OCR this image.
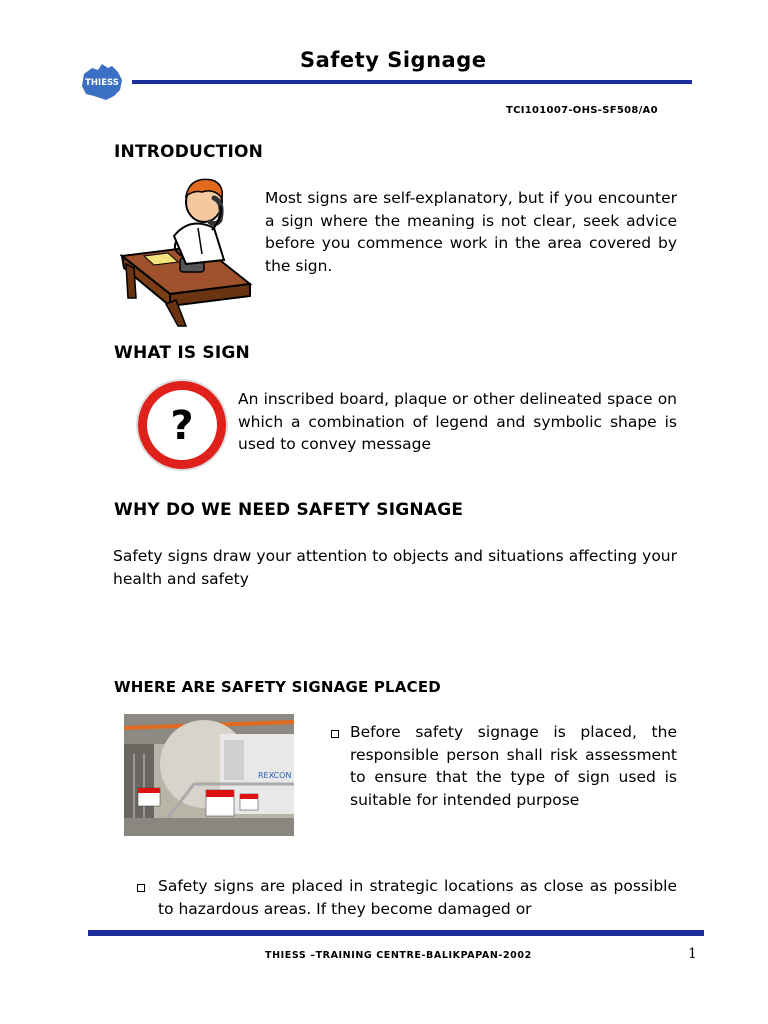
THIESS
Safety Signage
TCI101007-OHS-SF508/A0
INTRODUCTION
Most signs are self-explanatory, but if you encounter a sign where the meaning is not clear, seek advice before you commence work in the area covered by the sign.
WHAT IS SIGN
?
An inscribed board, plaque or other delineated space on which a combination of legend and symbolic shape is used to convey message
WHY DO WE NEED SAFETY SIGNAGE
Safety signs draw your attention to objects and situations affecting your health and safety
WHERE ARE SAFETY SIGNAGE PLACED
REXCON
Before safety signage is placed, the responsible person shall risk assessment to ensure that the type of sign used is suitable for intended purpose
Safety signs are placed in strategic locations as close as possible to hazardous areas. If they become damaged or
THIESS –TRAINING CENTRE-BALIKPAPAN-2002	1
